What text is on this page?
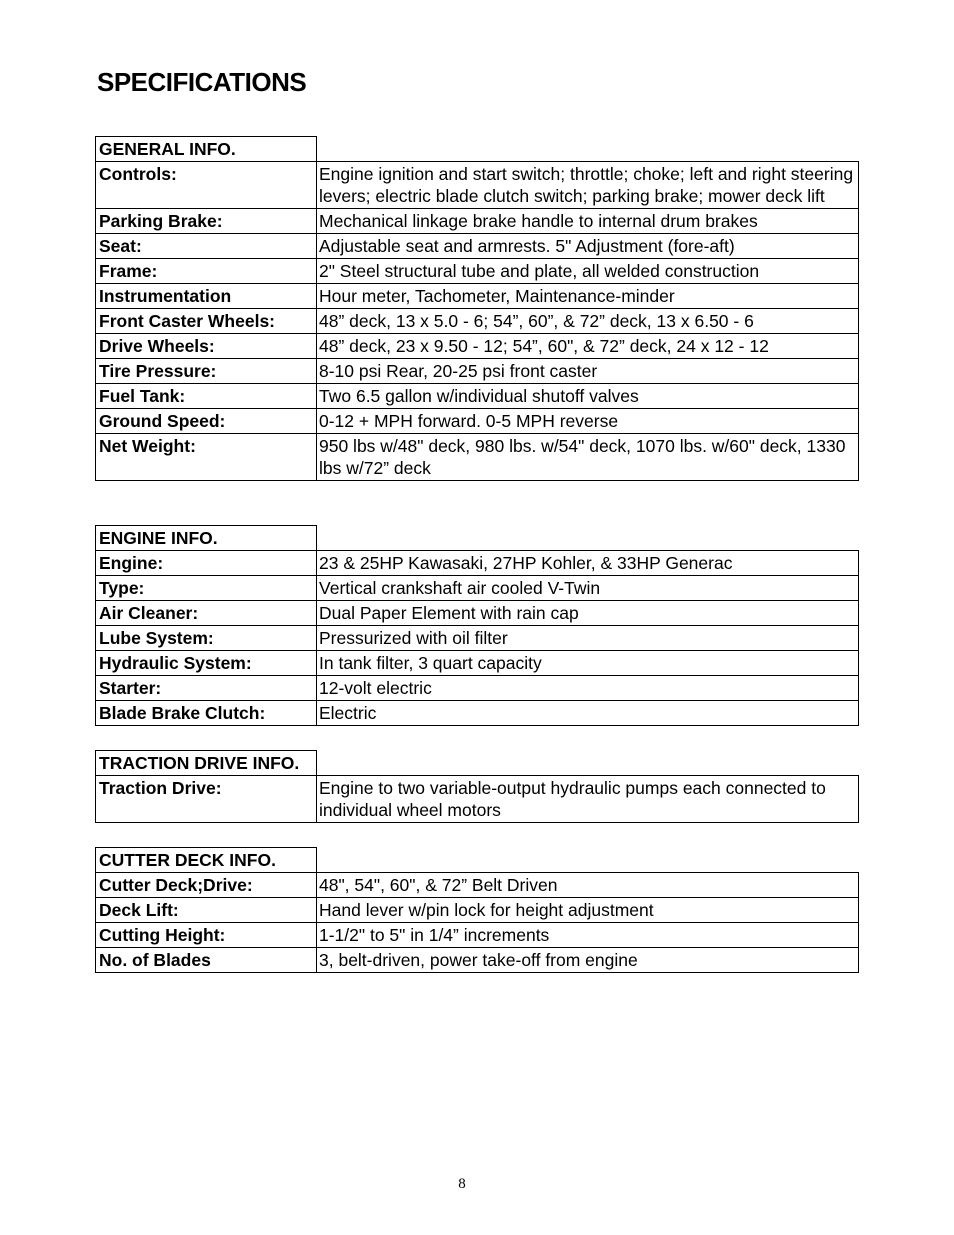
SPECIFICATIONS
GENERAL INFO.	
Controls:	Engine ignition and start switch; throttle; choke; left and right steering levers; electric blade clutch switch; parking brake; mower deck lift
Parking Brake:	Mechanical linkage brake handle to internal drum brakes
Seat:	Adjustable seat and armrests. 5" Adjustment (fore-aft)
Frame:	2" Steel structural tube and plate, all welded construction
Instrumentation	Hour meter, Tachometer, Maintenance-minder
Front Caster Wheels:	48” deck, 13 x 5.0 - 6; 54”, 60”, & 72” deck, 13 x 6.50 - 6
Drive Wheels:	48” deck, 23 x 9.50 - 12; 54”, 60", & 72” deck, 24 x 12 - 12
Tire Pressure:	8-10 psi Rear, 20-25 psi front caster
Fuel Tank:	Two 6.5 gallon w/individual shutoff valves
Ground Speed:	0-12 + MPH forward. 0-5 MPH reverse
Net Weight:	950 lbs w/48" deck, 980 lbs. w/54" deck, 1070 lbs. w/60" deck, 1330 lbs w/72” deck
ENGINE INFO.	
Engine:	23 & 25HP Kawasaki, 27HP Kohler, & 33HP Generac
Type:	Vertical crankshaft air cooled V-Twin
Air Cleaner:	Dual Paper Element with rain cap
Lube System:	Pressurized with oil filter
Hydraulic System:	In tank filter, 3 quart capacity
Starter:	12-volt electric
Blade Brake Clutch:	Electric
TRACTION DRIVE INFO.	
Traction Drive:	Engine to two variable-output hydraulic pumps each connected to individual wheel motors
CUTTER DECK INFO.	
Cutter Deck;Drive:	48", 54", 60", & 72” Belt Driven
Deck Lift:	Hand lever w/pin lock for height adjustment
Cutting Height:	1-1/2" to 5" in 1/4” increments
No. of Blades	3, belt-driven, power take-off from engine
8
